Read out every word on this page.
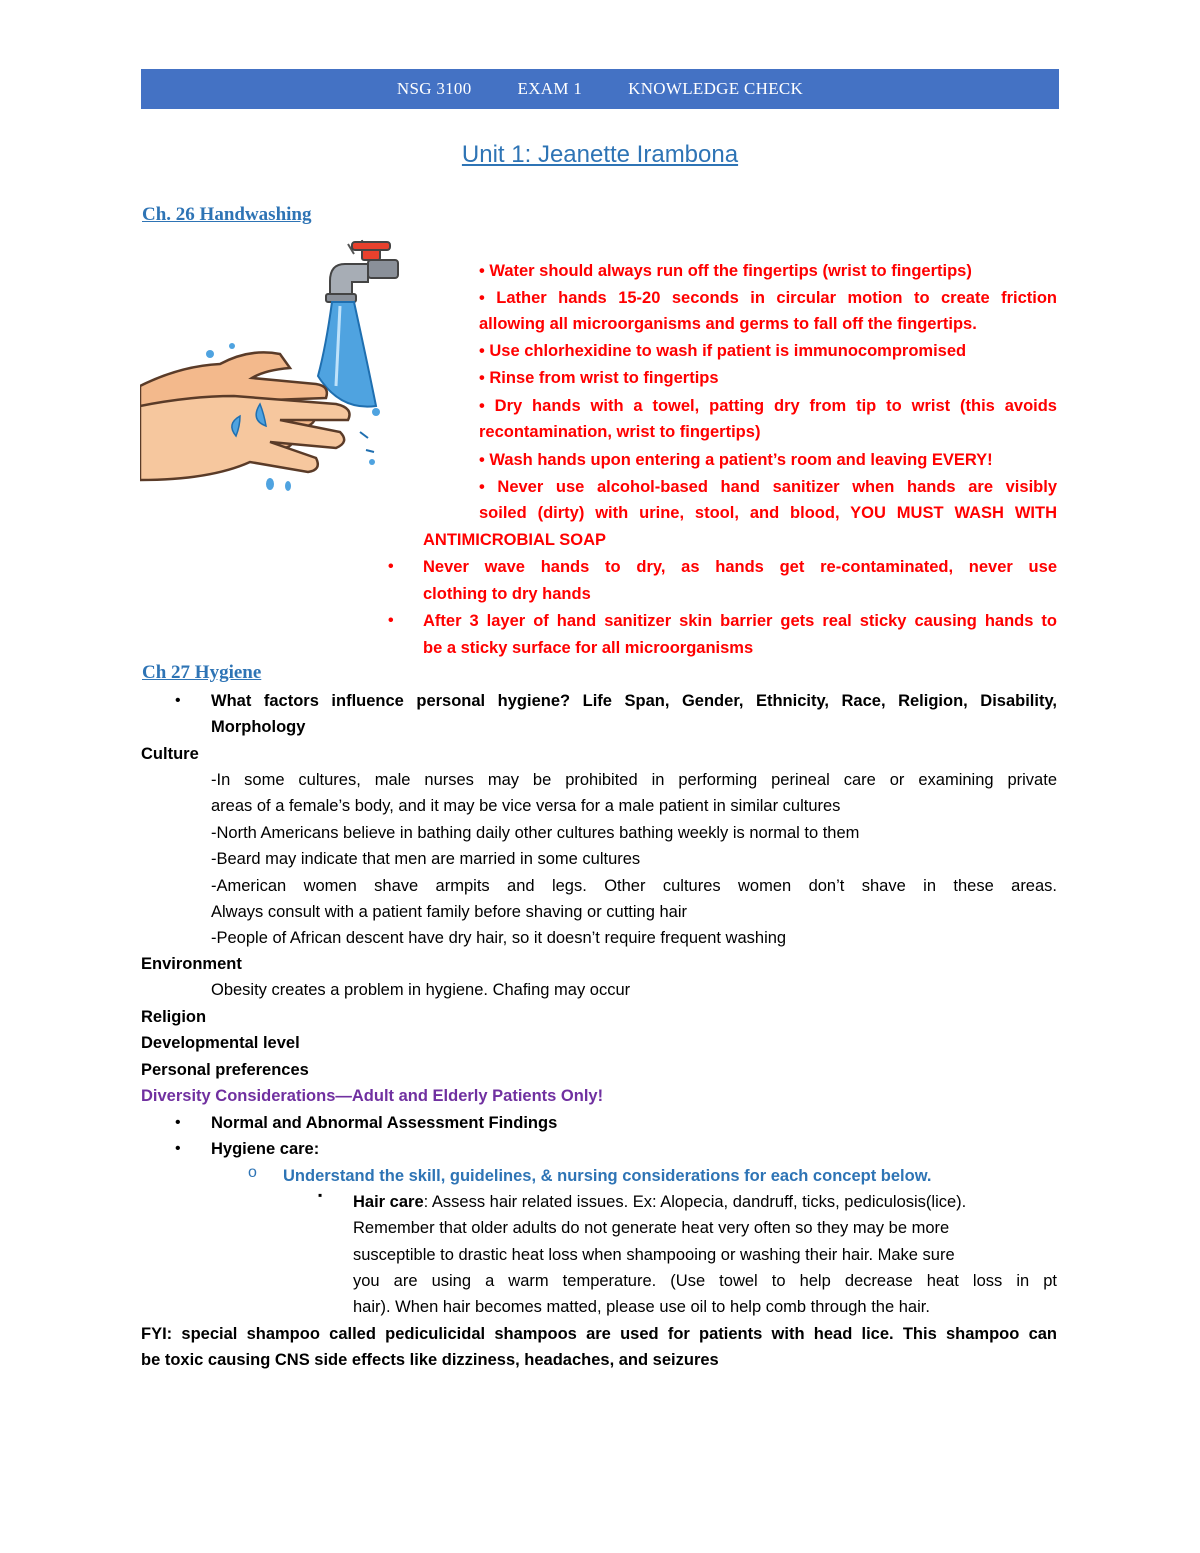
NSG 3100	EXAM 1	KNOWLEDGE CHECK
Unit 1: Jeanette Irambona
Ch. 26 Handwashing
• Water should always run off the fingertips (wrist to fingertips)
• Lather hands 15-20 seconds in circular motion to create friction
allowing all microorganisms and germs to fall off the fingertips.
• Use chlorhexidine to wash if patient is immunocompromised
• Rinse from wrist to fingertips
• Dry hands with a towel, patting dry from tip to wrist (this avoids
recontamination, wrist to fingertips)
• Wash hands upon entering a patient’s room and leaving EVERY!
• Never use alcohol-based hand sanitizer when hands are visibly
soiled (dirty) with urine, stool, and blood, YOU MUST WASH WITH
ANTIMICROBIAL SOAP
• Never wave hands to dry, as hands get re-contaminated, never use
clothing to dry hands
• After 3 layer of hand sanitizer skin barrier gets real sticky causing hands to
be a sticky surface for all microorganisms
Ch 27 Hygiene
• What factors influence personal hygiene? Life Span, Gender, Ethnicity, Race, Religion, Disability,
Morphology
Culture
-In some cultures, male nurses may be prohibited in performing perineal care or examining private
areas of a female’s body, and it may be vice versa for a male patient in similar cultures
-North Americans believe in bathing daily other cultures bathing weekly is normal to them
-Beard may indicate that men are married in some cultures
-American women shave armpits and legs. Other cultures women don’t shave in these areas.
Always consult with a patient family before shaving or cutting hair
-People of African descent have dry hair, so it doesn’t require frequent washing
Environment
Obesity creates a problem in hygiene. Chafing may occur
Religion
Developmental level
Personal preferences
Diversity Considerations—Adult and Elderly Patients Only!
• Normal and Abnormal Assessment Findings
• Hygiene care:
o Understand the skill, guidelines, & nursing considerations for each concept below.
▪ Hair care: Assess hair related issues. Ex: Alopecia, dandruff, ticks, pediculosis(lice).
Remember that older adults do not generate heat very often so they may be more
susceptible to drastic heat loss when shampooing or washing their hair. Make sure
you are using a warm temperature. (Use towel to help decrease heat loss in pt
hair). When hair becomes matted, please use oil to help comb through the hair.
FYI: special shampoo called pediculicidal shampoos are used for patients with head lice. This shampoo can
be toxic causing CNS side effects like dizziness, headaches, and seizures
